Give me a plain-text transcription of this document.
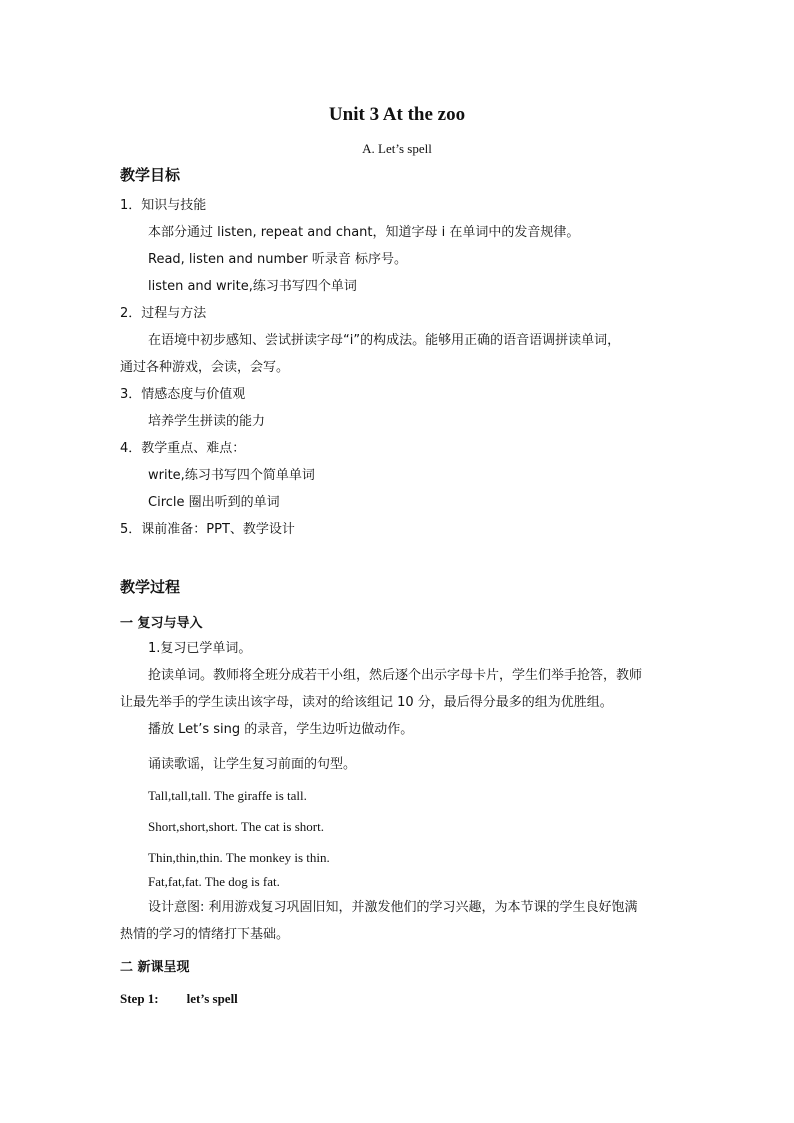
Unit 3 At the zoo
A. Let’s spell
教学目标
1．知识与技能
本部分通过 listen, repeat and chant，知道字母 i 在单词中的发音规律。
Read, listen and number 听录音 标序号。
listen and write,练习书写四个单词
2．过程与方法
在语境中初步感知、尝试拼读字母“i”的构成法。能够用正确的语音语调拼读单词，
通过各种游戏，会读，会写。
3．情感态度与价值观
培养学生拼读的能力
4．教学重点、难点：
write,练习书写四个简单单词
Circle 圈出听到的单词
5．课前准备：PPT、教学设计
教学过程
一 复习与导入
1.复习已学单词。
抢读单词。教师将全班分成若干小组，然后逐个出示字母卡片，学生们举手抢答，教师
让最先举手的学生读出该字母，读对的给该组记 10 分，最后得分最多的组为优胜组。
播放 Let’s sing 的录音，学生边听边做动作。
诵读歌谣，让学生复习前面的句型。
Tall,tall,tall. The giraffe is tall.
Short,short,short. The cat is short.
Thin,thin,thin. The monkey is thin.
Fat,fat,fat. The dog is fat.
设计意图: 利用游戏复习巩固旧知，并激发他们的学习兴趣，为本节课的学生良好饱满
热情的学习的情绪打下基础。
二 新课呈现
Step 1: let’s spell
